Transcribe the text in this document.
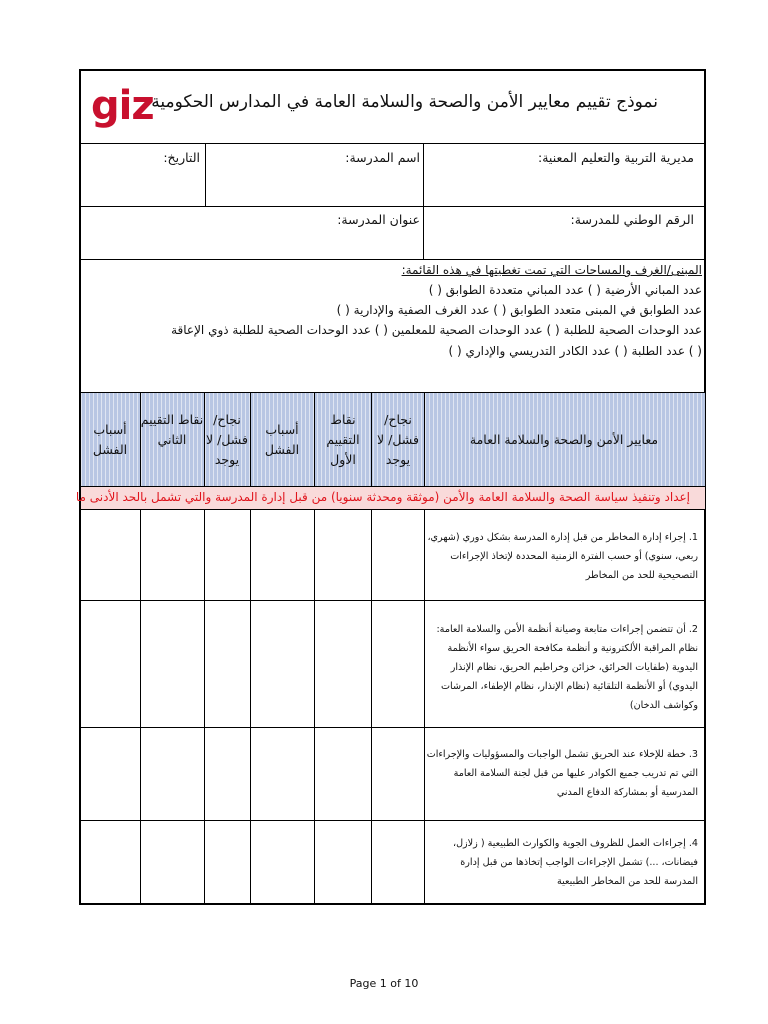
giz
نموذج تقييم معايير الأمن والصحة والسلامة العامة في المدارس الحكومية
مديرية التربية والتعليم المعنية:
اسم المدرسة:
التاريخ:
الرقم الوطني للمدرسة:
عنوان المدرسة:
المبنى/الغرف والمساحات التي تمت تغطيتها في هذه القائمة:
عدد المباني الأرضية ( ) عدد المباني متعددة الطوابق ( )
عدد الطوابق في المبنى متعدد الطوابق ( ) عدد الغرف الصفية والإدارية ( )
عدد الوحدات الصحية للطلبة ( ) عدد الوحدات الصحية للمعلمين ( ) عدد الوحدات الصحية للطلبة ذوي الإعاقة
( ) عدد الطلبة ( ) عدد الكادر التدريسي والإداري ( )
معايير الأمن والصحة والسلامة العامة
نجاح/ فشل/ لا يوجد
نقاط التقييم الأول
أسباب الفشل
نجاح/ فشل/ لا يوجد
نقاط التقييم الثاني
أسباب الفشل
إعداد وتنفيذ سياسة الصحة والسلامة العامة والأمن (موثقة ومحدثة سنويا) من قبل إدارة المدرسة والتي تشمل بالحد الأدنى ما
1. إجراء إدارة المخاطر من قبل إدارة المدرسة بشكل دوري (شهري، ربعي، سنوي) أو حسب الفترة الزمنية المحددة لإتخاذ الإجراءات التصحيحية للحد من المخاطر
2. أن تتضمن إجراءات متابعة وصيانة أنظمة الأمن والسلامة العامة: نظام المراقبة الألكترونية و أنظمة مكافحة الحريق سواء الأنظمة اليدوية (طفايات الحرائق، خزائن وخراطيم الحريق، نظام الإنذار اليدوي) أو الأنظمة التلقائية (نظام الإنذار، نظام الإطفاء، المرشات وكواشف الدخان)
3. خطة للإخلاء عند الحريق تشمل الواجبات والمسؤوليات والإجراءات التي تم تدريب جميع الكوادر عليها من قبل لجنة السلامة العامة المدرسية أو بمشاركة الدفاع المدني
4. إجراءات العمل للظروف الجوية والكوارث الطبيعية ( زلازل، فيضانات، ...) تشمل الإجراءات الواجب إتخاذها من قبل إدارة المدرسة للحد من المخاطر الطبيعية
Page 1 of 10
